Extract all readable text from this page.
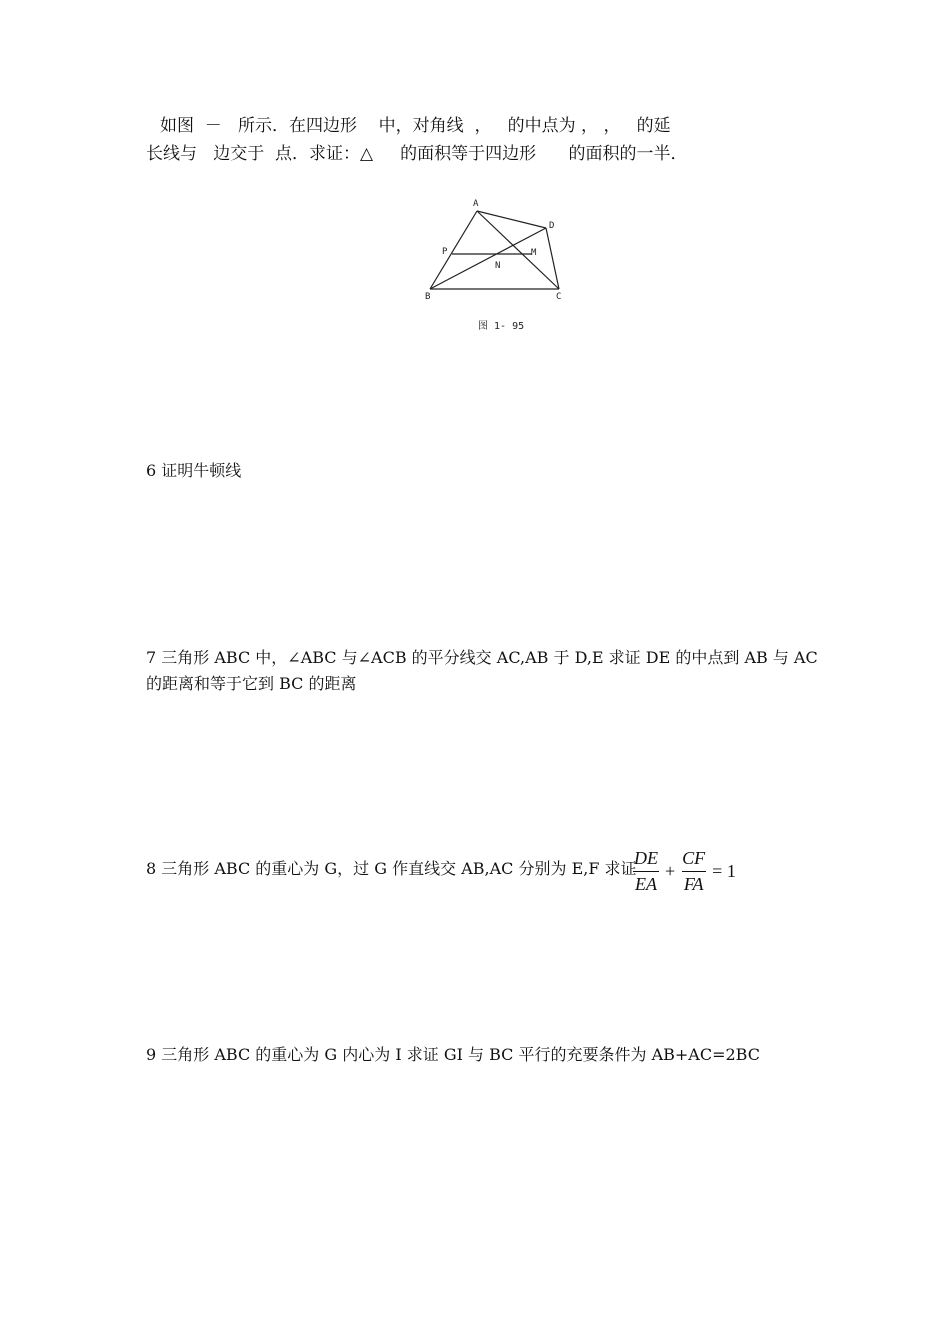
如图  －   所示．在四边形    中，对角线  ，   的中点为 ， ，   的延
长线与   边交于  点．求证：△     的面积等于四边形      的面积的一半．
A
D
P	M
N
B	C
图 1- 95
6 证明牛顿线
7 三角形 ABC 中，∠ABC 与∠ACB 的平分线交 AC,AB 于 D,E 求证 DE 的中点到 AB 与 AC
的距离和等于它到 BC 的距离
8 三角形 ABC 的重心为 G，过 G 作直线交 AB,AC 分别为 E,F 求证
$\frac{DE}{EA} + \frac{CF}{FA} = 1$
9 三角形 ABC 的重心为 G 内心为 I 求证 GI 与 BC 平行的充要条件为 AB+AC=2BC
